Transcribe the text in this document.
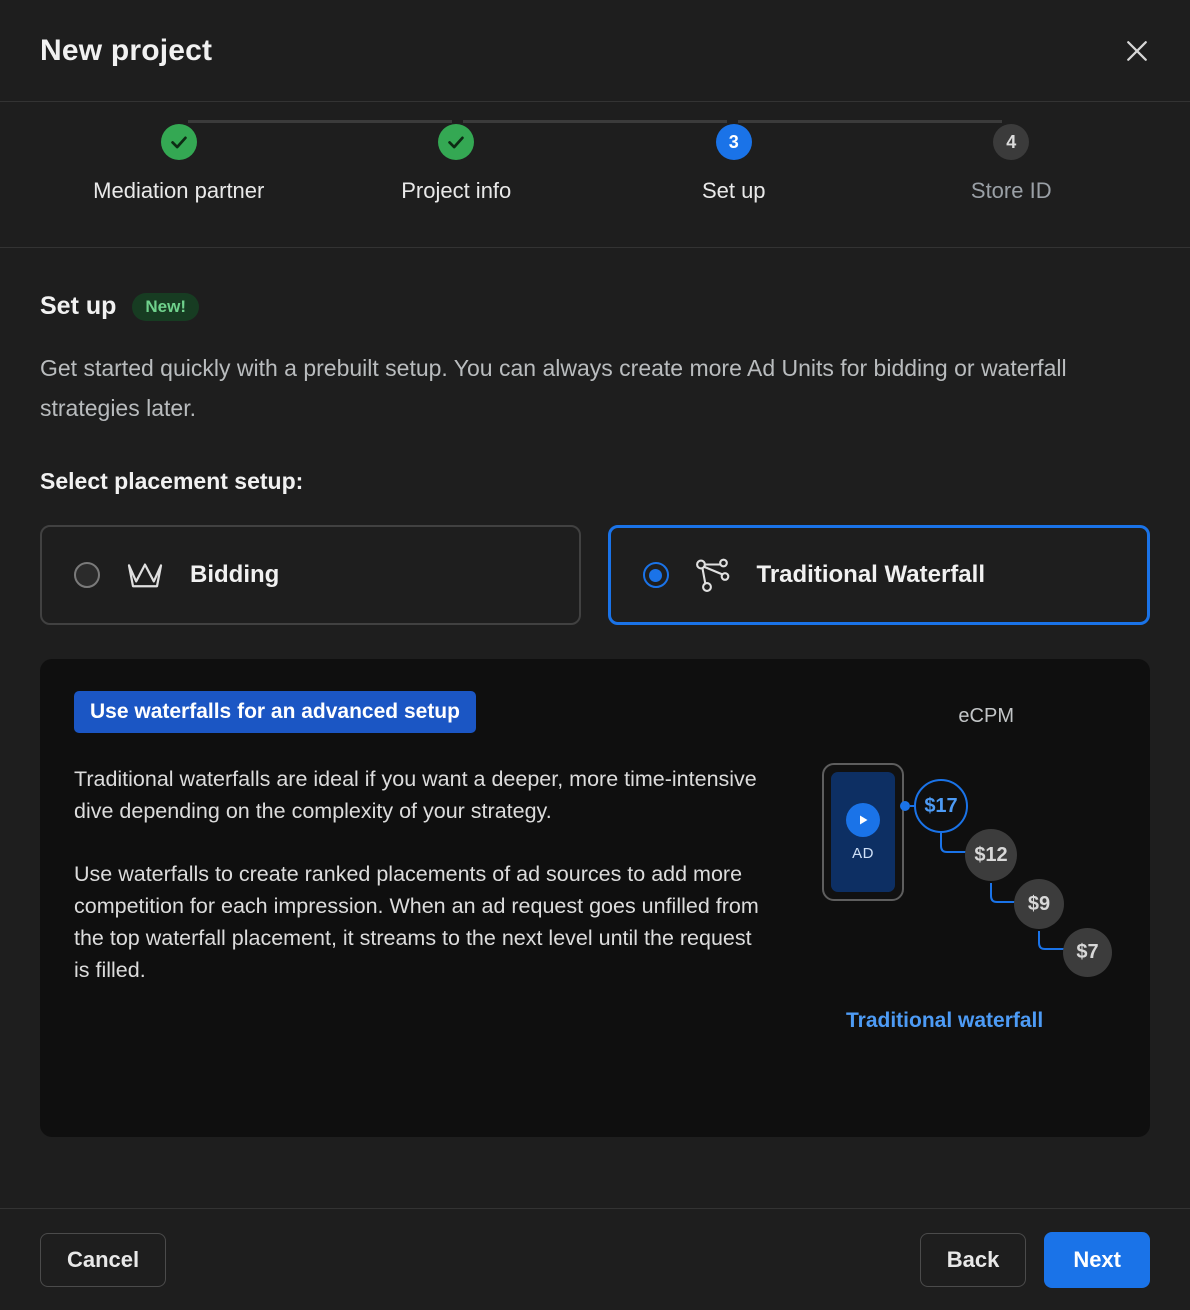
New project
Mediation partner	Project info
3
Set up
4
Store ID
Set up	New!
Get started quickly with a prebuilt setup. You can always create more Ad Units for bidding or waterfall strategies later.
Select placement setup:
Bidding	Traditional Waterfall
Use waterfalls for an advanced setup
Traditional waterfalls are ideal if you want a deeper, more time-intensive dive depending on the complexity of your strategy.
Use waterfalls to create ranked placements of ad sources to add more competition for each impression. When an ad request goes unfilled from the top waterfall placement, it streams to the next level until the request is filled.
eCPM
AD
$17
$12
$9
$7
Traditional waterfall
Cancel	Back	Next
